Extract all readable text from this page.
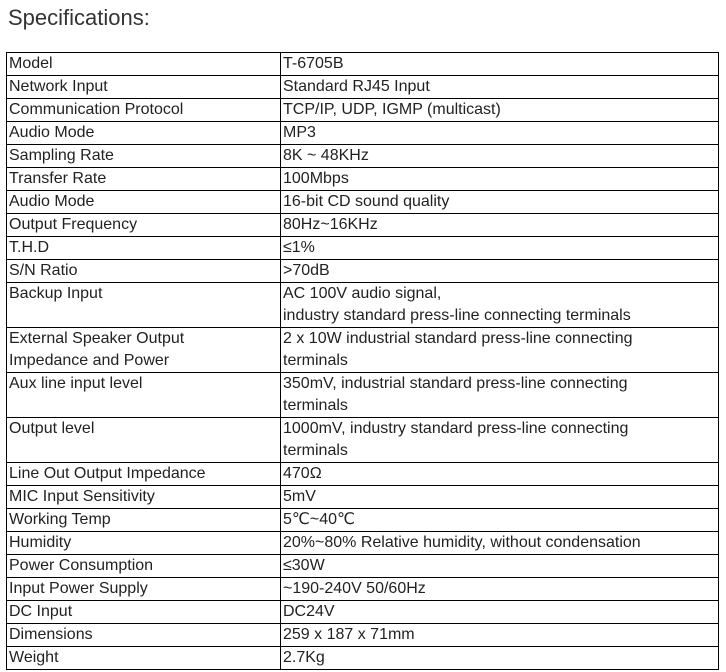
Specifications:
Model	T-6705B
Network Input	Standard RJ45 Input
Communication Protocol	TCP/IP, UDP, IGMP (multicast)
Audio Mode	MP3
Sampling Rate	8K ~ 48KHz
Transfer Rate	100Mbps
Audio Mode	16-bit CD sound quality
Output Frequency	80Hz~16KHz
T.H.D	≤1%
S/N Ratio	>70dB
Backup Input	AC 100V audio signal,
industry standard press-line connecting terminals
External Speaker Output
Impedance and Power	2 x 10W industrial standard press-line connecting
terminals
Aux line input level	350mV, industrial standard press-line connecting
terminals
Output level	1000mV, industry standard press-line connecting
terminals
Line Out Output Impedance	470Ω
MIC Input Sensitivity	5mV
Working Temp	5℃~40℃
Humidity	20%~80% Relative humidity, without condensation
Power Consumption	≤30W
Input Power Supply	~190-240V 50/60Hz
DC Input	DC24V
Dimensions	259 x 187 x 71mm
Weight	2.7Kg
